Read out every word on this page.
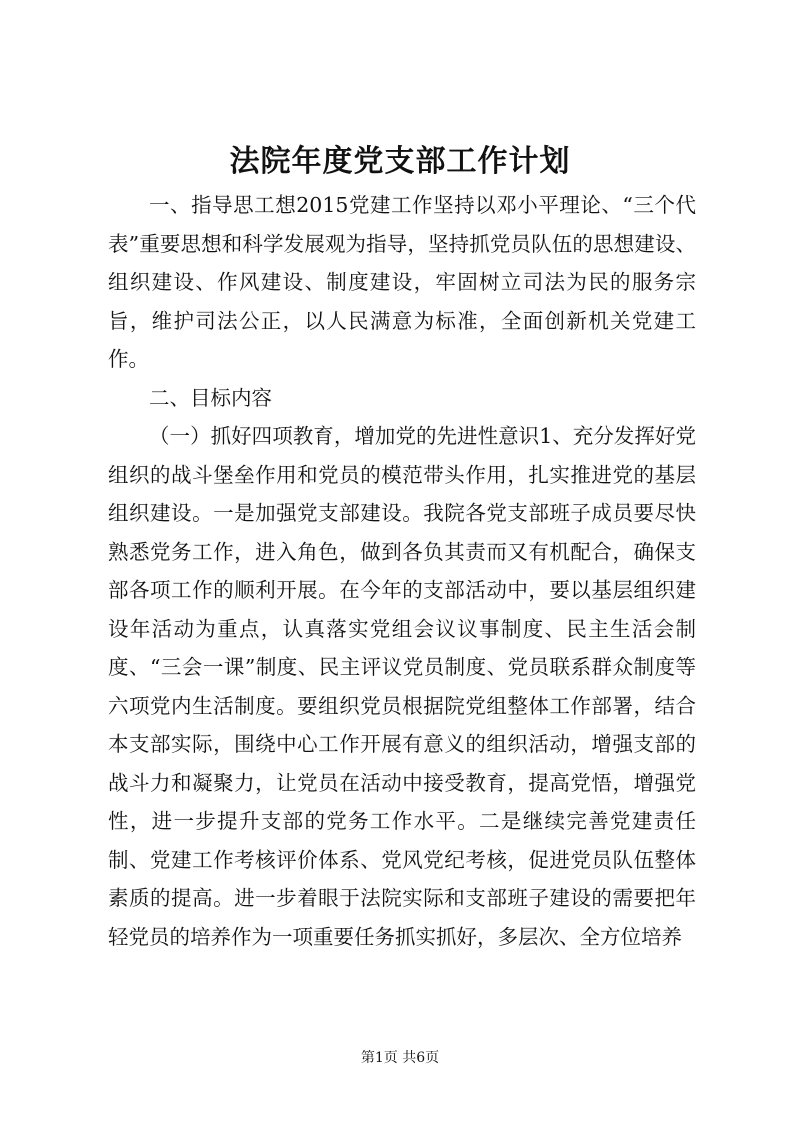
法院年度党支部工作计划

一、指导思工想2015党建工作坚持以邓小平理论、“三个代表”重要思想和科学发展观为指导，坚持抓党员队伍的思想建设、组织建设、作风建设、制度建设，牢固树立司法为民的服务宗旨，维护司法公正，以人民满意为标准，全面创新机关党建工作。

二、目标内容

（一）抓好四项教育，增加党的先进性意识1、充分发挥好党组织的战斗堡垒作用和党员的模范带头作用，扎实推进党的基层组织建设。一是加强党支部建设。我院各党支部班子成员要尽快熟悉党务工作，进入角色，做到各负其责而又有机配合，确保支部各项工作的顺利开展。在今年的支部活动中，要以基层组织建设年活动为重点，认真落实党组会议议事制度、民主生活会制度、“三会一课”制度、民主评议党员制度、党员联系群众制度等六项党内生活制度。要组织党员根据院党组整体工作部署，结合本支部实际，围绕中心工作开展有意义的组织活动，增强支部的战斗力和凝聚力，让党员在活动中接受教育，提高党悟，增强党性，进一步提升支部的党务工作水平。二是继续完善党建责任制、党建工作考核评价体系、党风党纪考核，促进党员队伍整体素质的提高。进一步着眼于法院实际和支部班子建设的需要把年轻党员的培养作为一项重要任务抓实抓好，多层次、全方位培养

第1页 共6页
